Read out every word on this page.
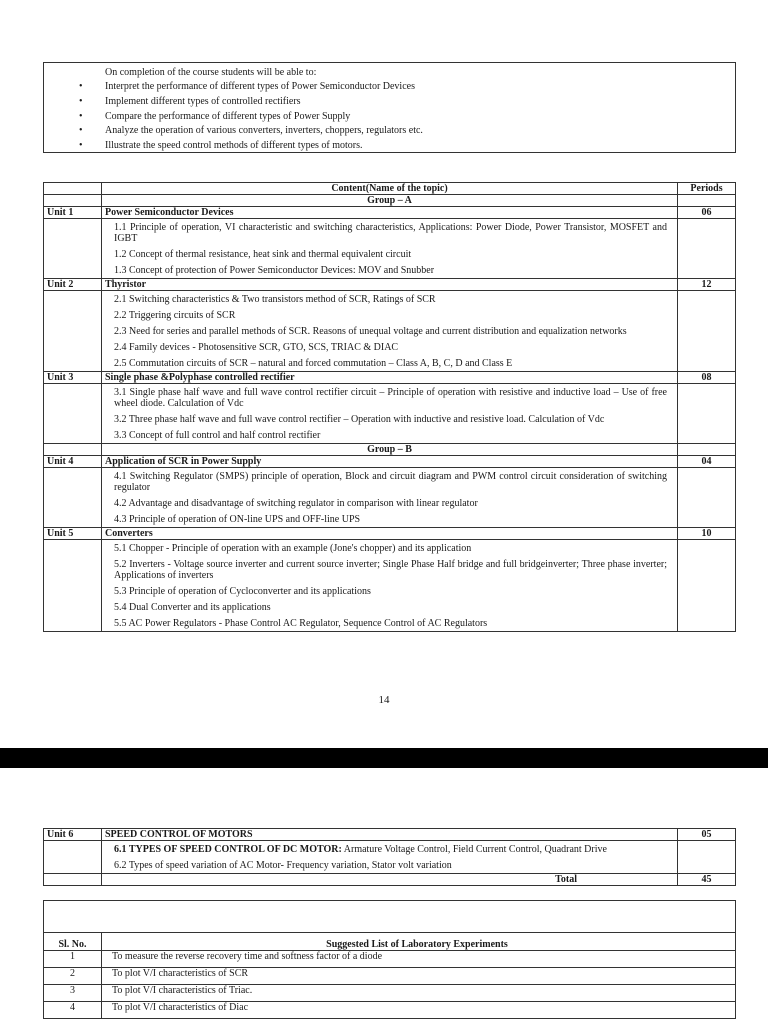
On completion of the course students will be able to:
• Interpret the performance of different types of Power Semiconductor Devices
• Implement different types of controlled rectifiers
• Compare the performance of different types of Power Supply
• Analyze the operation of various converters, inverters, choppers, regulators etc.
• Illustrate the speed control methods of different types of motors.
	Content(Name of the topic)	Periods
	Group – A	
Unit 1	Power Semiconductor Devices	06

	1.1 Principle of operation, VI characteristic and switching characteristics, Applications: Power Diode, Power Transistor, MOSFET and IGBT
1.2 Concept of thermal resistance, heat sink and thermal equivalent circuit
1.3 Concept of protection of Power Semiconductor Devices: MOV and Snubber	

Unit 2	Thyristor	12

	2.1 Switching characteristics & Two transistors method of SCR, Ratings of SCR
2.2 Triggering circuits of SCR
2.3 Need for series and parallel methods of SCR. Reasons of unequal voltage and current distribution and equalization networks
2.4 Family devices - Photosensitive SCR, GTO, SCS, TRIAC & DIAC
2.5 Commutation circuits of SCR – natural and forced commutation – Class A, B, C, D and Class E	

Unit 3	Single phase &Polyphase controlled rectifier	08

	3.1 Single phase half wave and full wave control rectifier circuit – Principle of operation with resistive and inductive load – Use of free wheel diode. Calculation of Vdc
3.2 Three phase half wave and full wave control rectifier – Operation with inductive and resistive load. Calculation of Vdc
3.3 Concept of full control and half control rectifier	

	Group – B	
Unit 4	Application of SCR in Power Supply	04

	4.1 Switching Regulator (SMPS) principle of operation, Block and circuit diagram and PWM control circuit consideration of switching regulator
4.2 Advantage and disadvantage of switching regulator in comparison with linear regulator
4.3 Principle of operation of ON-line UPS and OFF-line UPS	

Unit 5	Converters	10

	5.1 Chopper - Principle of operation with an example (Jone's chopper) and its application
5.2 Inverters - Voltage source inverter and current source inverter; Single Phase Half bridge and full bridgeinverter; Three phase inverter; Applications of inverters
5.3 Principle of operation of Cycloconverter and its applications
5.4 Dual Converter and its applications
5.5 AC Power Regulators - Phase Control AC Regulator, Sequence Control of AC Regulators	

14
Unit 6	SPEED CONTROL OF MOTORS	05

	6.1 TYPES OF SPEED CONTROL OF DC MOTOR: Armature Voltage Control, Field Current Control, Quadrant Drive
6.2 Types of speed variation of AC Motor- Frequency variation, Stator volt variation	

	Total	45

Sl. No.	Suggested List of Laboratory Experiments
1	To measure the reverse recovery time and softness factor of a diode
2	To plot V/I characteristics of SCR
3	To plot V/I characteristics of Triac.
4	To plot V/I characteristics of Diac
